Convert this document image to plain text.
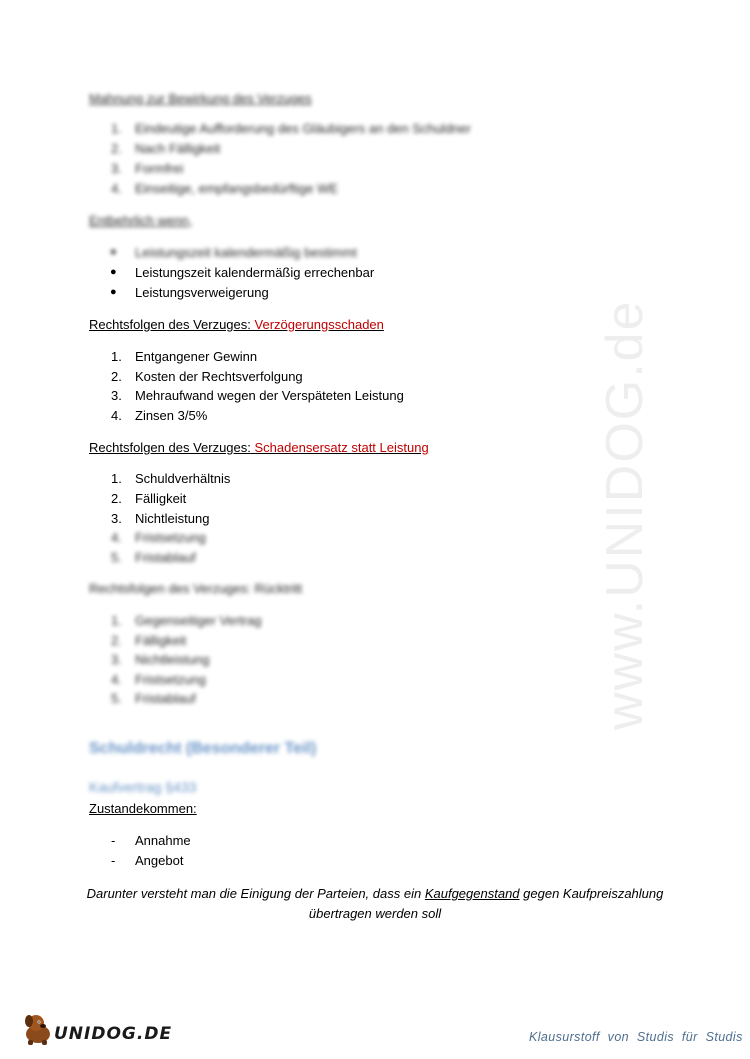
www.UNIDOG.de
Mahnung zur Bewirkung des Verzuges
1.	Eindeutige Aufforderung des Gläubigers an den Schuldner
2.	Nach Fälligkeit
3.	Formfrei
4.	Einseitige, empfangsbedürftige WE
Entbehrlich wenn,
● Leistungszeit kalendermäßig bestimmt
● Leistungszeit kalendermäßig errechenbar
● Leistungsverweigerung
Rechtsfolgen des Verzuges: Verzögerungsschaden
1.	Entgangener Gewinn
2.	Kosten der Rechtsverfolgung
3.	Mehraufwand wegen der Verspäteten Leistung
4.	Zinsen 3/5%
Rechtsfolgen des Verzuges: Schadensersatz statt Leistung
1.	Schuldverhältnis
2.	Fälligkeit
3.	Nichtleistung
4.	Fristsetzung
5.	Fristablauf
Rechtsfolgen des Verzuges: Rücktritt
1.	Gegenseitiger Vertrag
2.	Fälligkeit
3.	Nichtleistung
4.	Fristsetzung
5.	Fristablauf
Schuldrecht (Besonderer Teil)
Kaufvertrag §433
Zustandekommen:
- Annahme
- Angebot
Darunter versteht man die Einigung der Parteien, dass ein Kaufgegenstand gegen Kaufpreiszahlung
übertragen werden soll
UNIDOG.DE	Klausurstoff von Studis für Studis
